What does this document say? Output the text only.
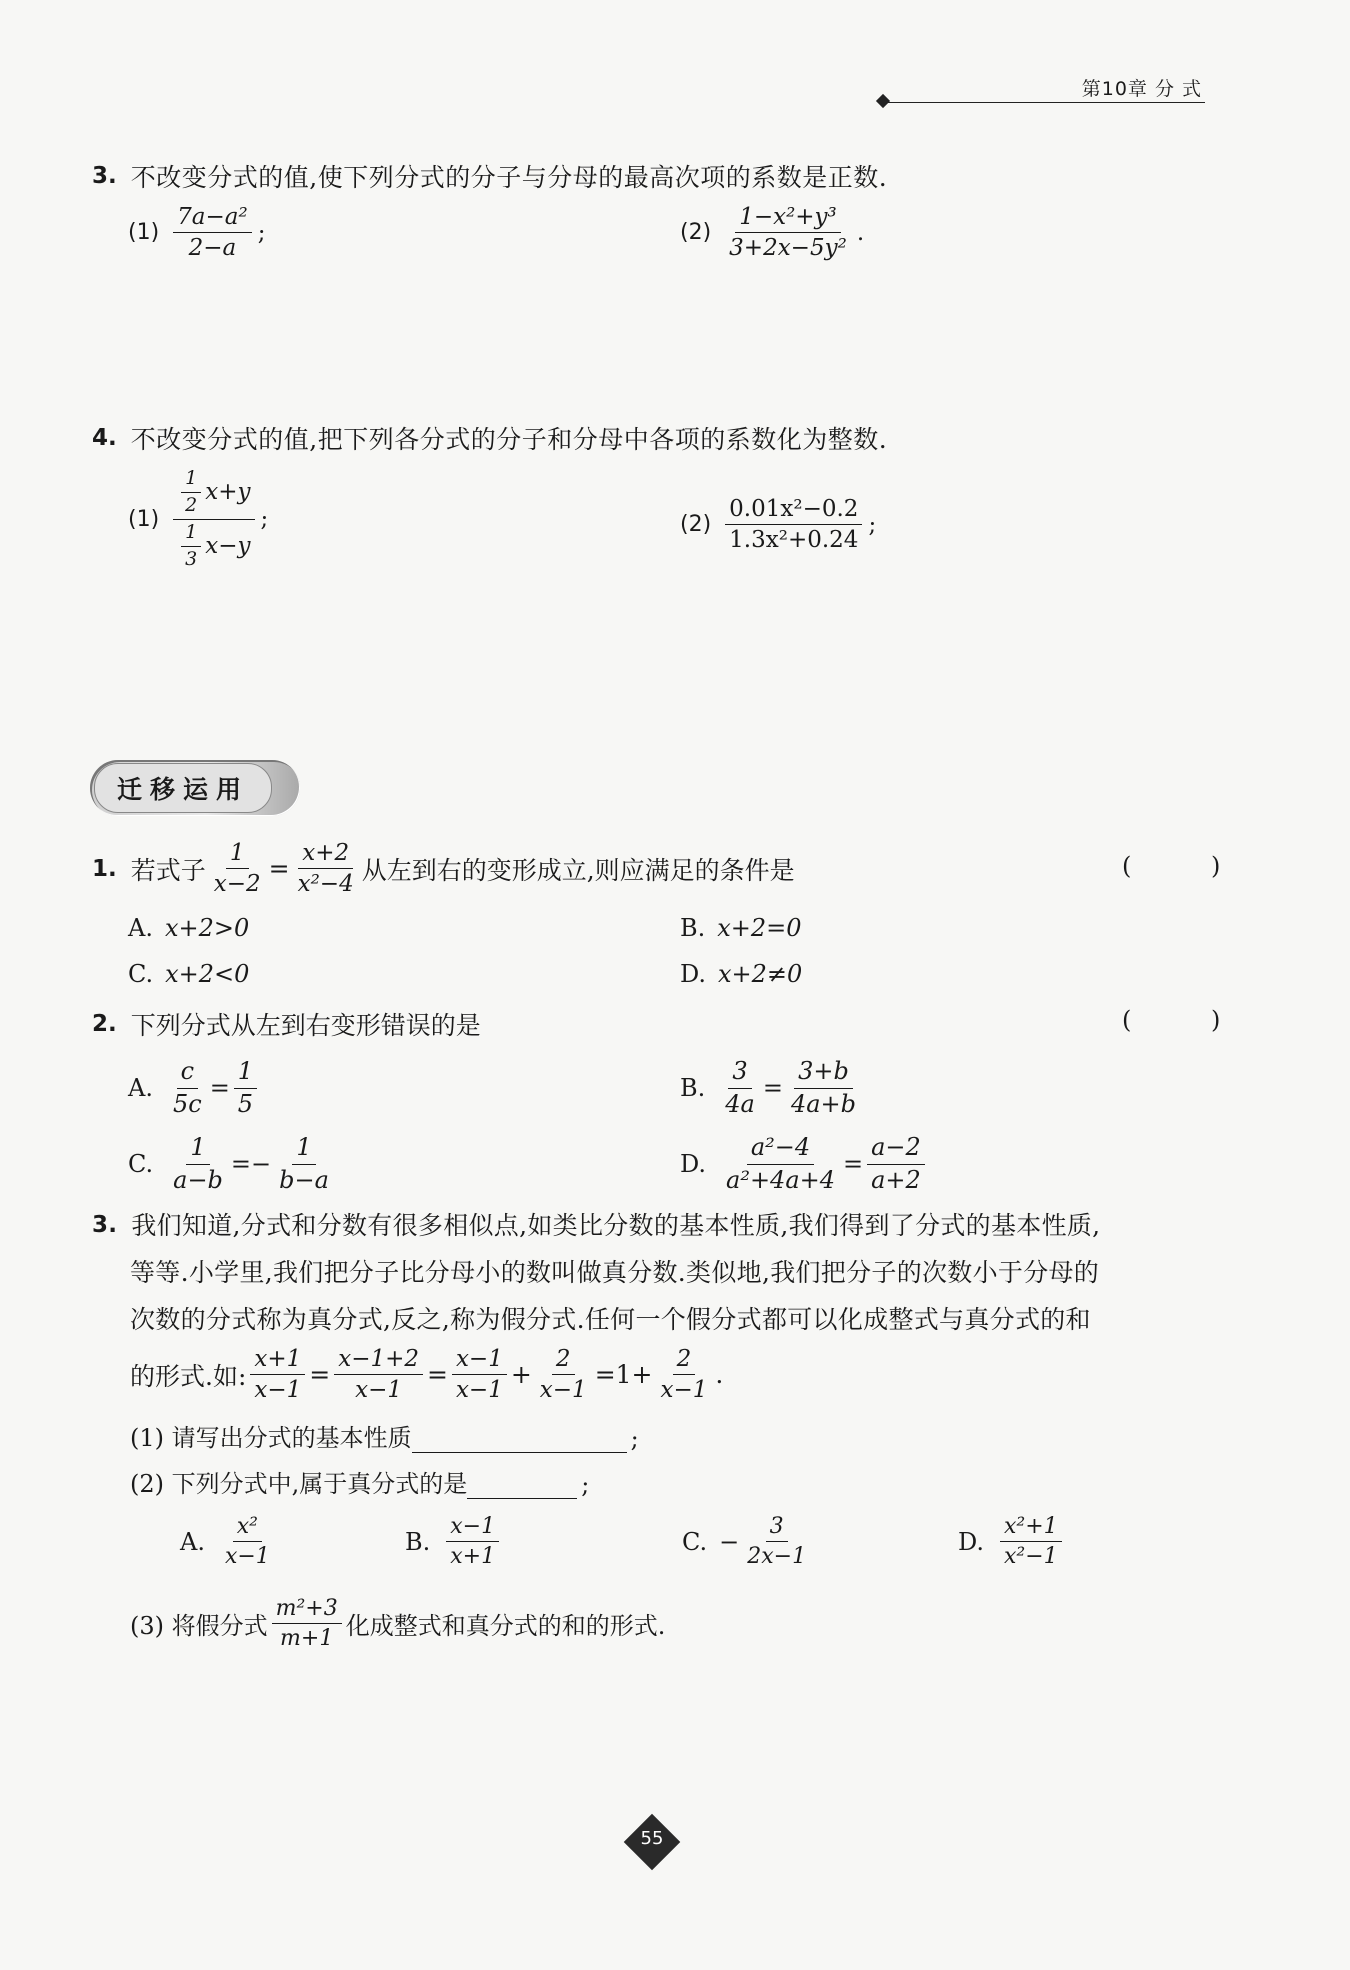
第10章 分 式
3. 不改变分式的值,使下列分式的分子与分母的最高次项的系数是正数.
$(1) \frac{\text{7a−a²}}{2-a}$ ;	$(2) \frac{\text{1−x²+y³}}{\text{3+2x−5y²}}$ .
4. 不改变分式的值,把下列各分式的分子和分母中各项的系数化为整数.
$(1) \frac{\frac{1}{2} x+y}{\frac{1}{3} x-y}$ ;	$(2) \frac{\text{0.01x²−0.2}}{\text{1.3x²+0.24}}$ ;
迁移运用
1. 若式子 $\frac{1}{x-2} = \frac{x+2}{\text{x²−4}}$ 从左到右的变形成立,则应满足的条件是	( )
A. x+2>0	B. x+2=0
C. x+2<0	D. x+2≠0
2. 下列分式从左到右变形错误的是	( )
A. $\frac{c}{5c} = \frac{1}{5}$	B. $\frac{3}{4a} = \frac{3+b}{4a+b}$
C. $\frac{1}{a-b} =- \frac{1}{b-a}$	D. $\frac{\text{a²−4}}{\text{a²+4a+4}} = \frac{a-2}{a+2}$
3. 我们知道,分式和分数有很多相似点,如类比分数的基本性质,我们得到了分式的基本性质,
等等.小学里,我们把分子比分母小的数叫做真分数.类似地,我们把分子的次数小于分母的
次数的分式称为真分式,反之,称为假分式.任何一个假分式都可以化成整式与真分式的和
的形式.如: $\frac{x+1}{x-1} = \frac{x-1+2}{x-1} = \frac{x-1}{x-1} + \frac{2}{x-1} = 1 + \frac{2}{x-1}$ .
(1) 请写出分式的基本性质	;
(2) 下列分式中,属于真分式的是	;
A. $\frac{\text{x²}}{x-1}$	B. $\frac{x-1}{x+1}$	C. − $\frac{3}{2x-1}$	D. $\frac{\text{x²+1}}{\text{x²−1}}$
(3) 将假分式 $\frac{\text{m²+3}}{m+1}$ 化成整式和真分式的和的形式.
55
